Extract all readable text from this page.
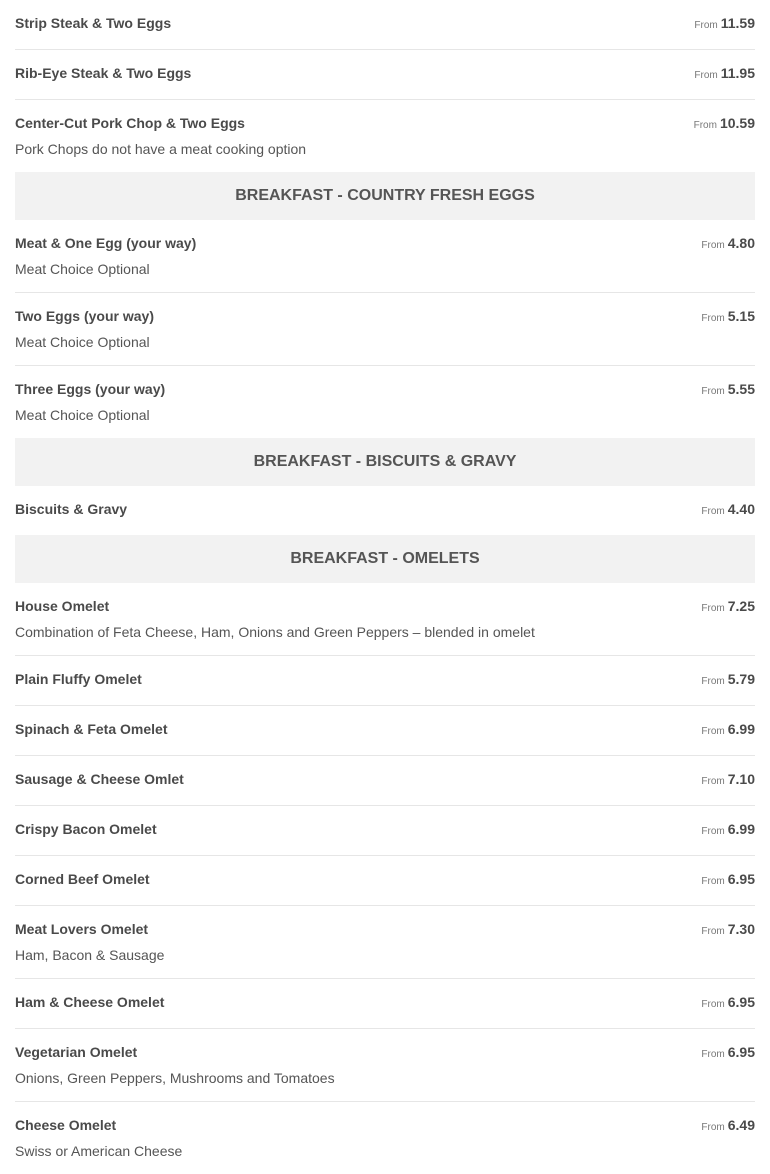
Strip Steak & Two Eggs	From 11.59
Rib-Eye Steak & Two Eggs	From 11.95
Center-Cut Pork Chop & Two Eggs	From 10.59
Pork Chops do not have a meat cooking option
BREAKFAST - COUNTRY FRESH EGGS
Meat & One Egg (your way)	From 4.80
Meat Choice Optional
Two Eggs (your way)	From 5.15
Meat Choice Optional
Three Eggs (your way)	From 5.55
Meat Choice Optional
BREAKFAST - BISCUITS & GRAVY
Biscuits & Gravy	From 4.40
BREAKFAST - OMELETS
House Omelet	From 7.25
Combination of Feta Cheese, Ham, Onions and Green Peppers – blended in omelet
Plain Fluffy Omelet	From 5.79
Spinach & Feta Omelet	From 6.99
Sausage & Cheese Omlet	From 7.10
Crispy Bacon Omelet	From 6.99
Corned Beef Omelet	From 6.95
Meat Lovers Omelet	From 7.30
Ham, Bacon & Sausage
Ham & Cheese Omelet	From 6.95
Vegetarian Omelet	From 6.95
Onions, Green Peppers, Mushrooms and Tomatoes
Cheese Omelet	From 6.49
Swiss or American Cheese
